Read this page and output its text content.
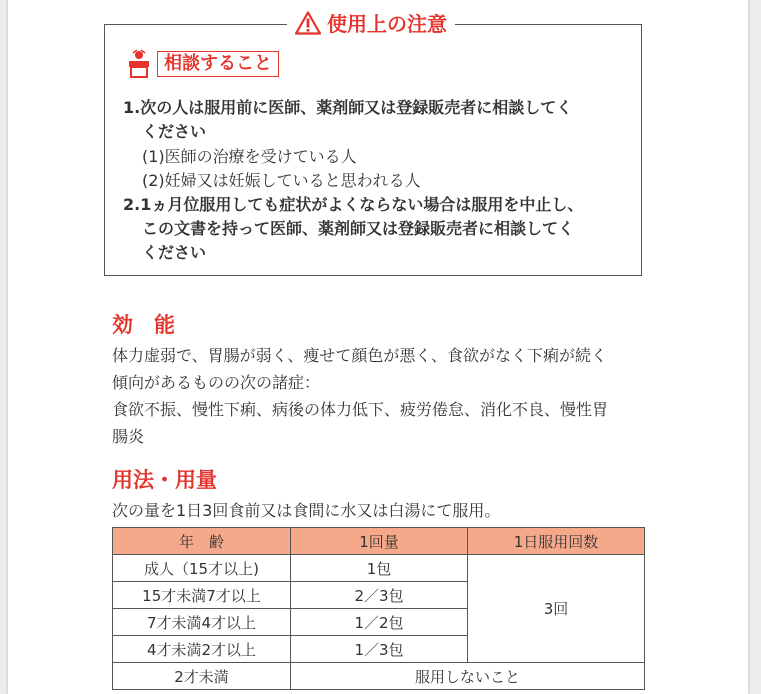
使用上の注意
相談すること
1.次の人は服用前に医師、薬剤師又は登録販売者に相談してく
ください
(1)医師の治療を受けている人
(2)妊婦又は妊娠していると思われる人
2.1ヵ月位服用しても症状がよくならない場合は服用を中止し、
この文書を持って医師、薬剤師又は登録販売者に相談してく
ください
効　能
体力虚弱で、胃腸が弱く、痩せて顔色が悪く、食欲がなく下痢が続く
傾向があるものの次の諸症：
食欲不振、慢性下痢、病後の体力低下、疲労倦怠、消化不良、慢性胃
腸炎
用法・用量
次の量を1日3回食前又は食間に水又は白湯にて服用。
年　齢	1回量	1日服用回数
成人（15才以上)	1包	3回
15才未満7才以上	2／3包	
7才未満4才以上	1／2包	
4才未満2才以上	1／3包	
2才未満	服用しないこと	
